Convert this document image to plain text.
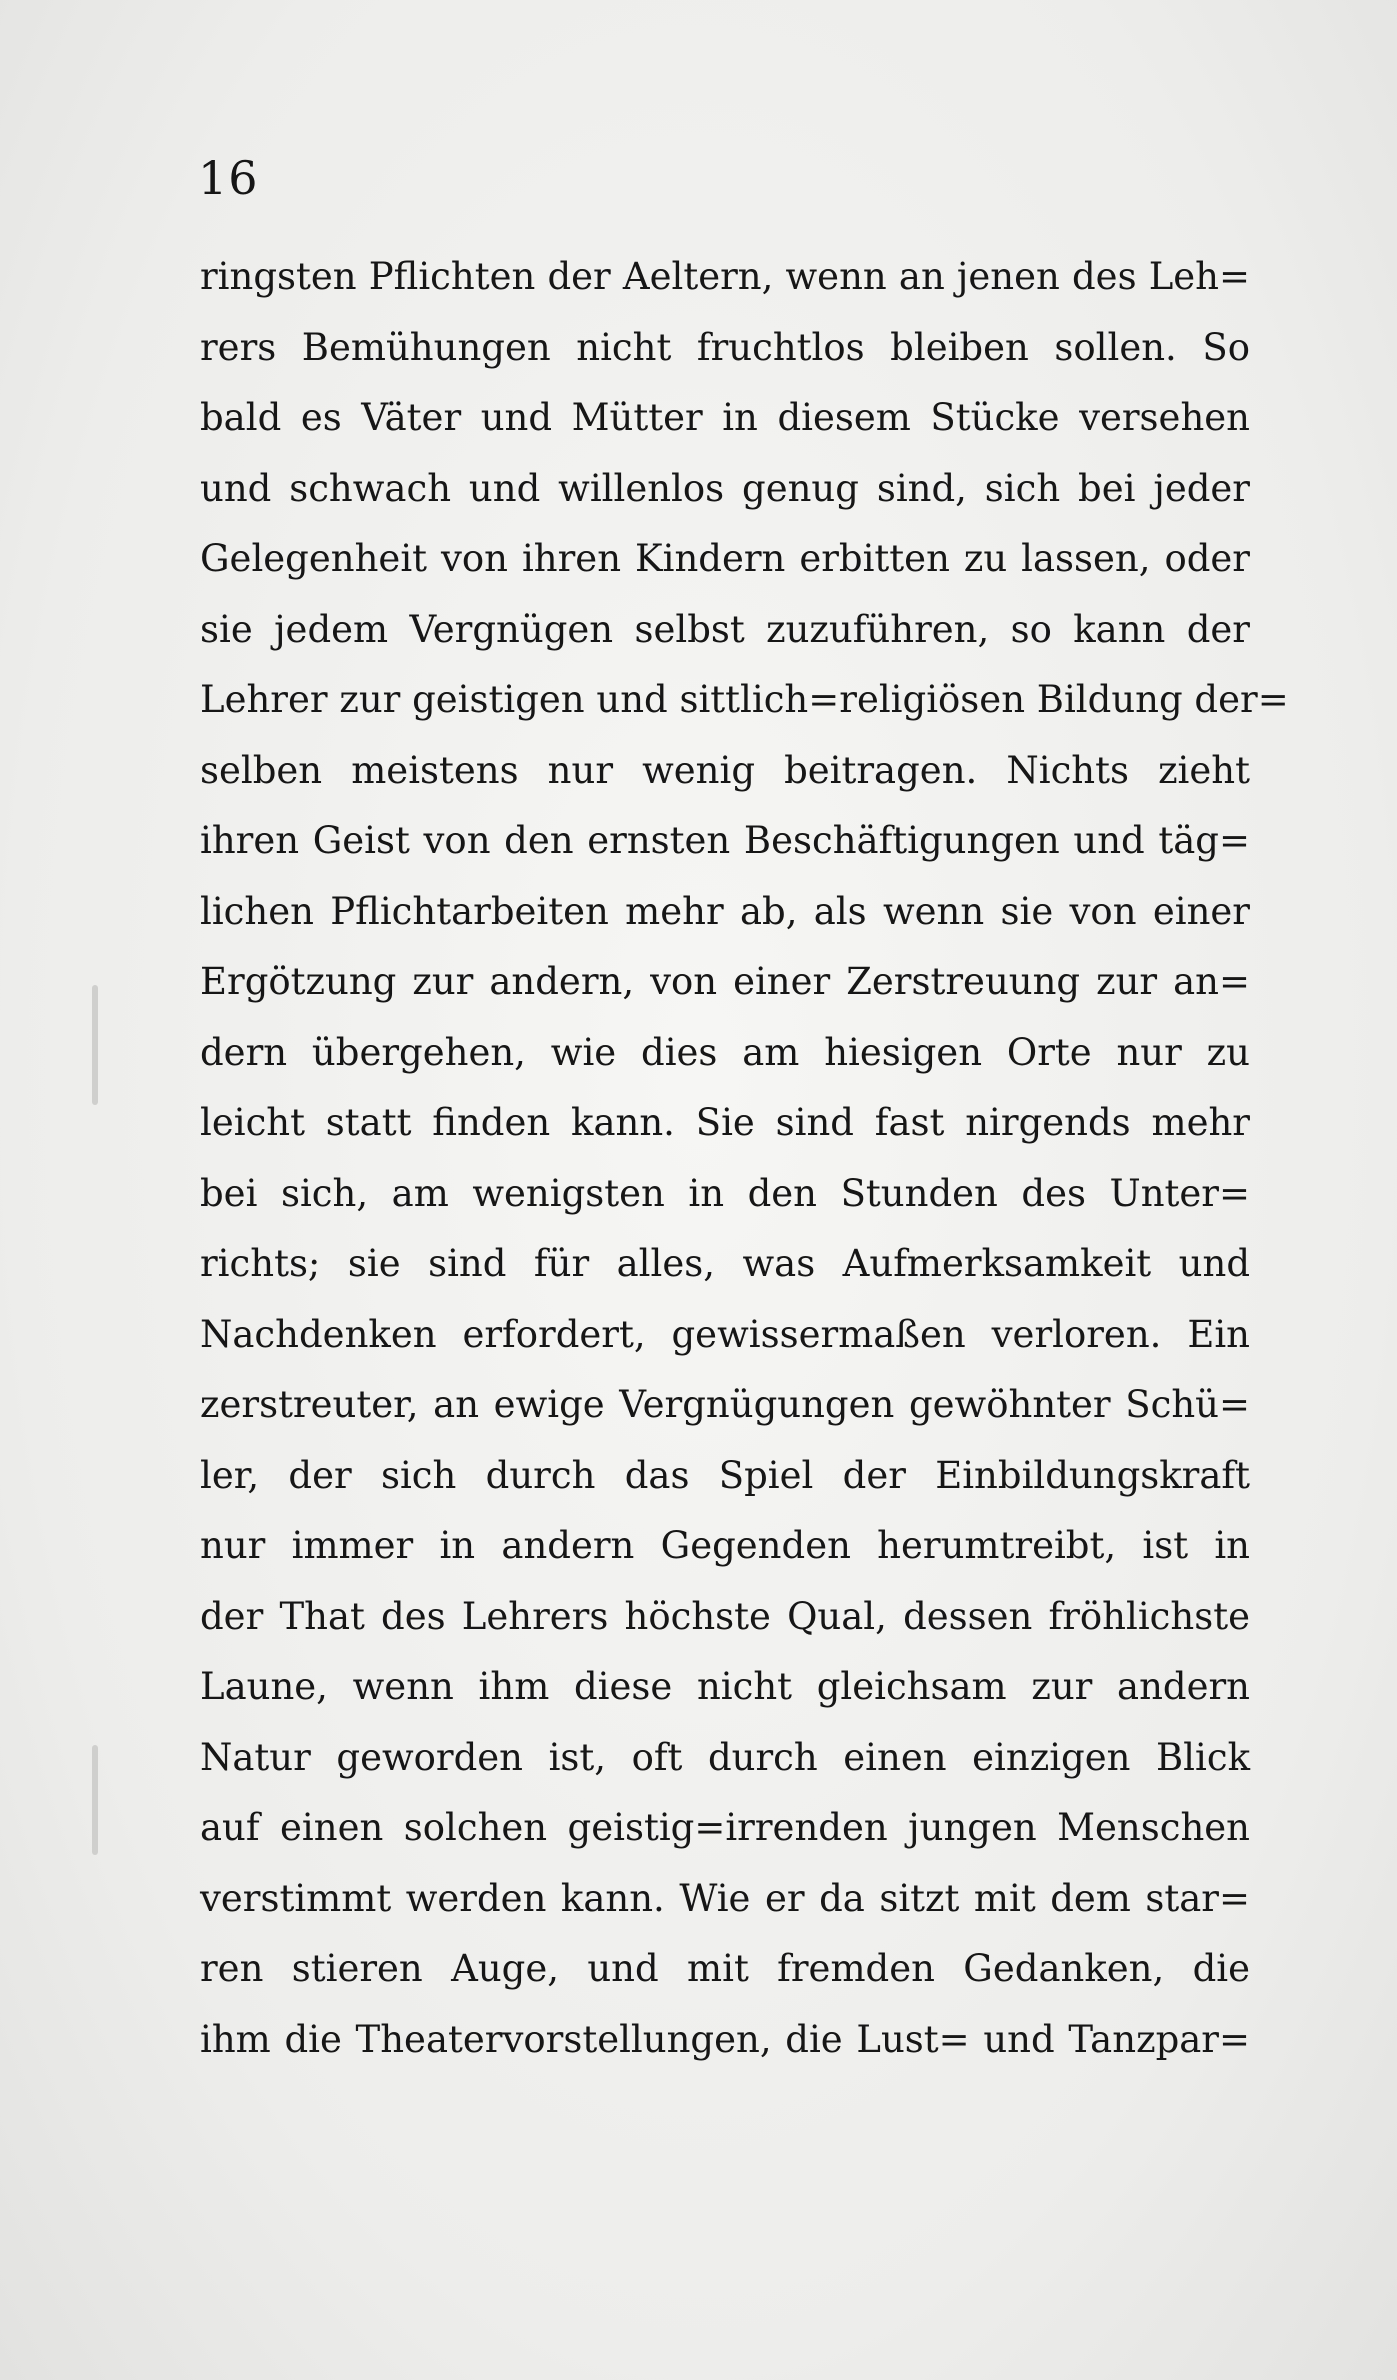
16
ringsten Pflichten der Aeltern, wenn an jenen des Leh=
rers Bemühungen nicht fruchtlos bleiben sollen. So
bald es Väter und Mütter in diesem Stücke versehen
und schwach und willenlos genug sind, sich bei jeder
Gelegenheit von ihren Kindern erbitten zu lassen, oder
sie jedem Vergnügen selbst zuzuführen, so kann der
Lehrer zur geistigen und sittlich=religiösen Bildung der=
selben meistens nur wenig beitragen. Nichts zieht
ihren Geist von den ernsten Beschäftigungen und täg=
lichen Pflichtarbeiten mehr ab, als wenn sie von einer
Ergötzung zur andern, von einer Zerstreuung zur an=
dern übergehen, wie dies am hiesigen Orte nur zu
leicht statt finden kann. Sie sind fast nirgends mehr
bei sich, am wenigsten in den Stunden des Unter=
richts; sie sind für alles, was Aufmerksamkeit und
Nachdenken erfordert, gewissermaßen verloren. Ein
zerstreuter, an ewige Vergnügungen gewöhnter Schü=
ler, der sich durch das Spiel der Einbildungskraft
nur immer in andern Gegenden herumtreibt, ist in
der That des Lehrers höchste Qual, dessen fröhlichste
Laune, wenn ihm diese nicht gleichsam zur andern
Natur geworden ist, oft durch einen einzigen Blick
auf einen solchen geistig=irrenden jungen Menschen
verstimmt werden kann. Wie er da sitzt mit dem star=
ren stieren Auge, und mit fremden Gedanken, die
ihm die Theatervorstellungen, die Lust= und Tanzpar=
